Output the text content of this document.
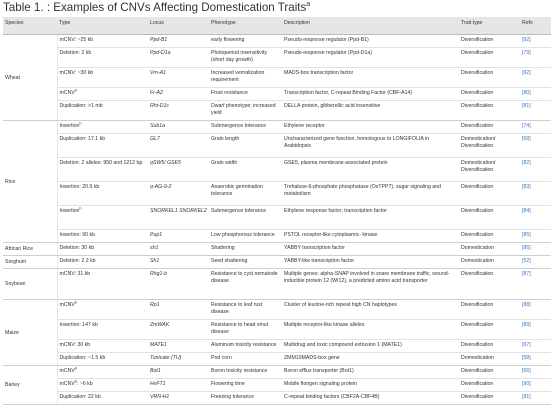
Table 1. : Examples of CNVs Affecting Domestication Traits$^a$
Species	Type	Locus	Phenotype	Description	Trait type	Refs
Wheat	mCNV: ~25 kb	Ppd-B1	early flowering	Pseudo-response regulator (Ppd-B1)	Diversification	[92]
	Deletion: 2 kb	Ppd-D1a	Photoperiod insensitivity (short day growth)	Pseudo-response regulator (Ppd-D1a)	Diversification	[79]
	mCNV: ~30 kb	Vrn-A1	Increased vernalization requirement	MADS-box transcription factor	Diversification	[92]
	mCNV$^b$	Fr-A2	Frost resistance	Transcription factor, C-repeat Binding Factor (CBF-A14)	Diversification	[80]
	Duplication: >1 mb	Rht-D1c	Dwarf phenotype; increased yield	DELLA protein, gibberellic acid insensitive	Diversification	[81]
Rice	Insertion$^b$	Sub1a	Submergence tolerance	Ethylene receptor	Diversification	[74]
	Duplication: 17.1 kb	GL7	Grain length	Uncharacterized gene function, homologous to LONGIFOLIA in Arabidopsis	Domestication/ Diversification	[68]
	Deletion: 2 alleles: 950 and 1212 bp	qSW5/ GSE5	Grain width	GSE5, plasma membrane-associated protein	Domestication/ Diversification	[82]
	Insertion: 20.9 kb	q-AG-9-2	Anaerobic germination tolerance	Trehalose-6-phosphate phosphatase (OsTPP7), sugar signaling and metabolism	Diversification	[83]
	Insertion$^b$	SNORKEL1 SNORKEL2	Submergence tolerance	Ethylene response factor; transcription factor	Diversification	[84]
	Insertion: 90 kb	Pup1	Low phosphorous tolerance	PSTOL receptor-like cytoplasmic- kinase	Diversification	[85]
African Rice	Deletion: 30 kb	sh1	Shattering	YABBY transcription factor	Domestication	[86]
Sorghum	Deletion: 2.2 kb	Sh1	Seed shattering	YABBY-like transcription factor	Domestication	[52]
Soybean	mCNV: 31 kb	Rhg1-b	Resistance to cyst nematode disease	Multiple genes: alpha-SNAP involved in snare membrane traffic, wound-inducible protein 12 (WI12), a predicted amino acid transporter	Diversification	[87]
Maize	mCNV$^b$	Rp1	Resistance to leaf rust disease	Cluster of leucine-rich repeat high CN haplotypes	Diversification	[88]
	Insertion: 147 kb	ZmWAK	Resistance to head smut disease	Multiple receptor-like kinase alleles	Diversification	[89]
	mCNV: 30 kb	MATE1	Aluminum toxicity resistance	Multidrug and toxic compound extrusion 1 (MATE1)	Diversification	[67]
	Duplication: ~1.5 kb	Tunicate (TU)	Pod corn	ZMM19MADS-box gene	Domestication	[58]
Barley	mCNV$^b$	Bot1	Boron toxicity resistance	Boron efflux transporter (Bot1)	Diversification	[66]
	mCNV$^b$: ~6 kb	HvFT1	Flowering time	Mobile florigen signaling protein	Diversification	[90]
	Duplication: 22 kb	VRN-H1	Freezing tolerance	C-repeat binding factors (CBF2A-CBF4B)	Diversification	[91]
